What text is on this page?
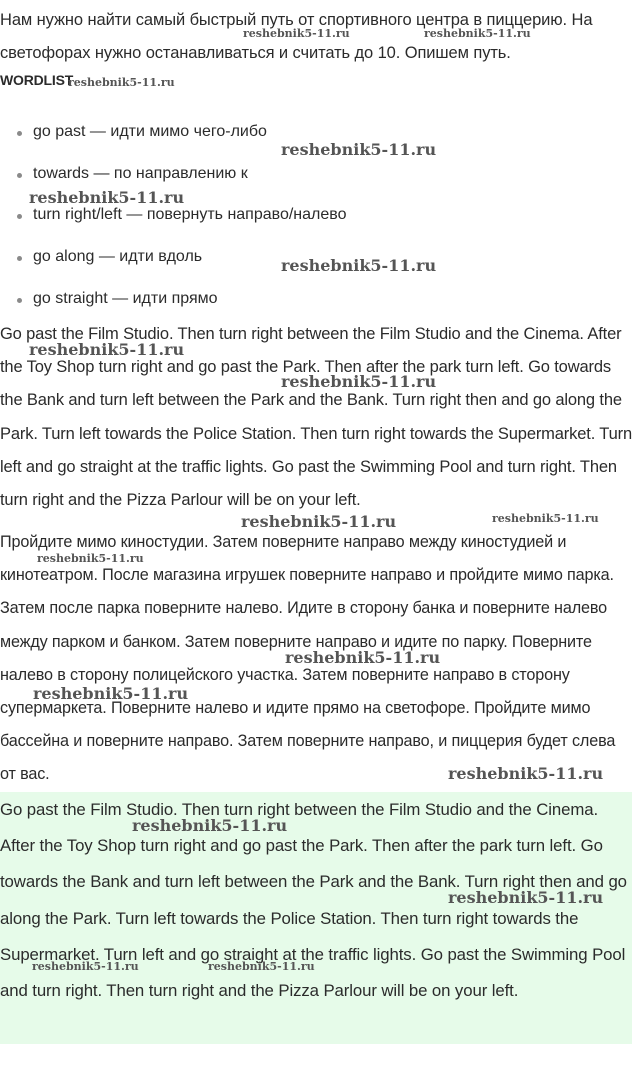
Нам нужно найти самый быстрый путь от спортивного центра в пиццерию. На светофорах нужно останавливаться и считать до 10. Опишем путь.

WORDLIST
go past — идти мимо чего-либо
towards — по направлению к
turn right/left — повернуть направо/налево
go along — идти вдоль
go straight — идти прямо

Go past the Film Studio. Then turn right between the Film Studio and the Cinema. After the Toy Shop turn right and go past the Park. Then after the park turn left. Go towards the Bank and turn left between the Park and the Bank. Turn right then and go along the Park. Turn left towards the Police Station. Then turn right towards the Supermarket. Turn left and go straight at the traffic lights. Go past the Swimming Pool and turn right. Then turn right and the Pizza Parlour will be on your left.

Пройдите мимо киностудии. Затем поверните направо между киностудией и кинотеатром. После магазина игрушек поверните направо и пройдите мимо парка. Затем после парка поверните налево. Идите в сторону банка и поверните налево между парком и банком. Затем поверните направо и идите по парку. Поверните налево в сторону полицейского участка. Затем поверните направо в сторону супермаркета. Поверните налево и идите прямо на светофоре. Пройдите мимо бассейна и поверните направо. Затем поверните направо, и пиццерия будет слева от вас.

Go past the Film Studio. Then turn right between the Film Studio and the Cinema. After the Toy Shop turn right and go past the Park. Then after the park turn left. Go towards the Bank and turn left between the Park and the Bank. Turn right then and go along the Park. Turn left towards the Police Station. Then turn right towards the Supermarket. Turn left and go straight at the traffic lights. Go past the Swimming Pool and turn right. Then turn right and the Pizza Parlour will be on your left.

reshebnik5-11.ru	reshebnik5-11.ru
reshebnik5-11.ru
reshebnik5-11.ru
reshebnik5-11.ru
reshebnik5-11.ru
reshebnik5-11.ru
reshebnik5-11.ru
reshebnik5-11.ru	reshebnik5-11.ru
reshebnik5-11.ru
reshebnik5-11.ru
reshebnik5-11.ru
reshebnik5-11.ru
reshebnik5-11.ru
reshebnik5-11.ru
reshebnik5-11.ru	reshebnik5-11.ru
